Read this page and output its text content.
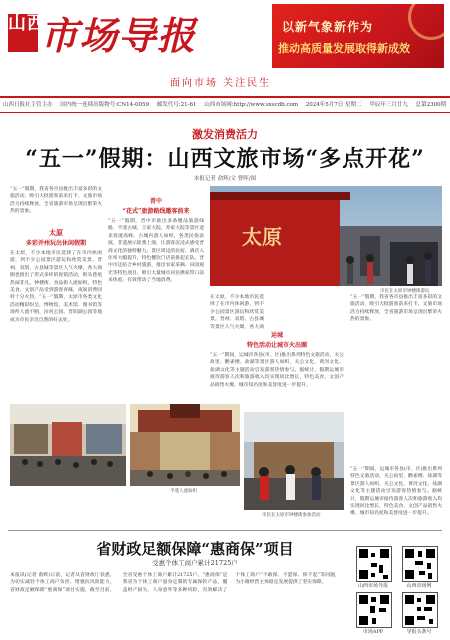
山西市场导报
面向市场 关注民生
以新气象新作为
推动高质量发展取得新成效
山西日报社主管主办 国内统一连续出版物号:CN14-0059 邮发代号:21-61 山西市场网:http://www.sxscdb.com 2024年5月7日 星期二 甲辰年三月廿九 总第2300期
激发消费活力
“五一”假期：山西文旅市场“多点开花”
本报记者 俞辉/文 曹晖/图
“五一”假期，我省各市县推出丰富多彩的文旅活动，吸引大批游客前来打卡，文旅市场活力持续释放，全省旅游市场呈现出繁荣火热的景象。
太原
多彩并州玩出休闲假期
在太原，不少本地市民选择了在市内休闲游，到不少公园景区游玩和欣赏美景。晋祠、双塔、古县城等景区人气火爆，各大商圈也推出了形式多样的促销活动，街头巷尾热闹非凡。钟楼街、食品街人流如织，特色美食、文创产品受到游客青睐，夜间消费同样十分火热。“五一”假期，太原市各类文化活动精彩纷呈，博物馆、美术馆、图书馆等场所人流不断，汾河公园、晋阳湖公园等地成为市民亲近自然的好去处。
晋中
“花式”旅游路线邀客前来
“五一”假期，晋中市推出多条精品旅游线路，平遥古城、王家大院、乔家大院等景区迎来客流高峰。古城内游人如织，各类民俗表演、非遗展示轮番上演，让游客沉浸式感受晋商文化的独特魅力。景区周边的民宿、酒店入住率大幅提升，特色餐饮门店前排起长队。晋中市还结合乡村旅游，推出农家采摘、田园观光等特色项目，吸引大量城市居民携家带口前来体验，有效带动了当地消费。
太原
市民在太原市钟楼街游玩
在太原，不少本地市民选择了在市内休闲游，到不少公园景区游玩和欣赏美景。晋祠、双塔、古县城等景区人气火爆，各大商
运城
特色活动让城市火出圈
“五一”期间，运城市各县(市、区)推出系列特色文旅活动，关公故里、鹳雀楼、盐湖等景区游人如织，关公文化、黄河文化、盐湖文化等主题活动引发游客热情参与。据统计，假期运城市接待游客人次和旅游收入均实现同比增长，特色美食、文创产品销售火爆，城市知名度和美誉度进一步提升。
“五一”假期，我省各市县推出丰富多彩的文旅活动，吸引大批游客前来打卡，文旅市场活力持续释放，全省旅游市场呈现出繁荣火热的景象。
平遥人流如织
市民在太原市钟楼街参加活动
“五一”期间，运城市各县(市、区)推出系列特色文旅活动，关公故里、鹳雀楼、盐湖等景区游人如织，关公文化、黄河文化、盐湖文化等主题活动引发游客热情参与。据统计，假期运城市接待游客人次和旅游收入均实现同比增长，特色美食、文创产品销售火爆，城市知名度和美誉度进一步提升。
省财政足额保障“惠商保”项目
受惠个体工商户累计21725户
本报讯(记者 俞辉)日前，记者从省财政厅获悉，为切实减轻个体工商户负担、增强抗风险能力，省财政足额保障“惠商保”项目实施，截至目前，全省受惠个体工商户累计21725户。“惠商保”是我省为个体工商户量身定制的专属保险产品，覆盖财产损失、人身意外等多种风险，有效解决了个体工商户“不敢保、不愿保、保不起”等问题，为小微经营主体稳定发展提供了坚实保障。
山西市场导报	山西市场网
市场APP	导报头条号
